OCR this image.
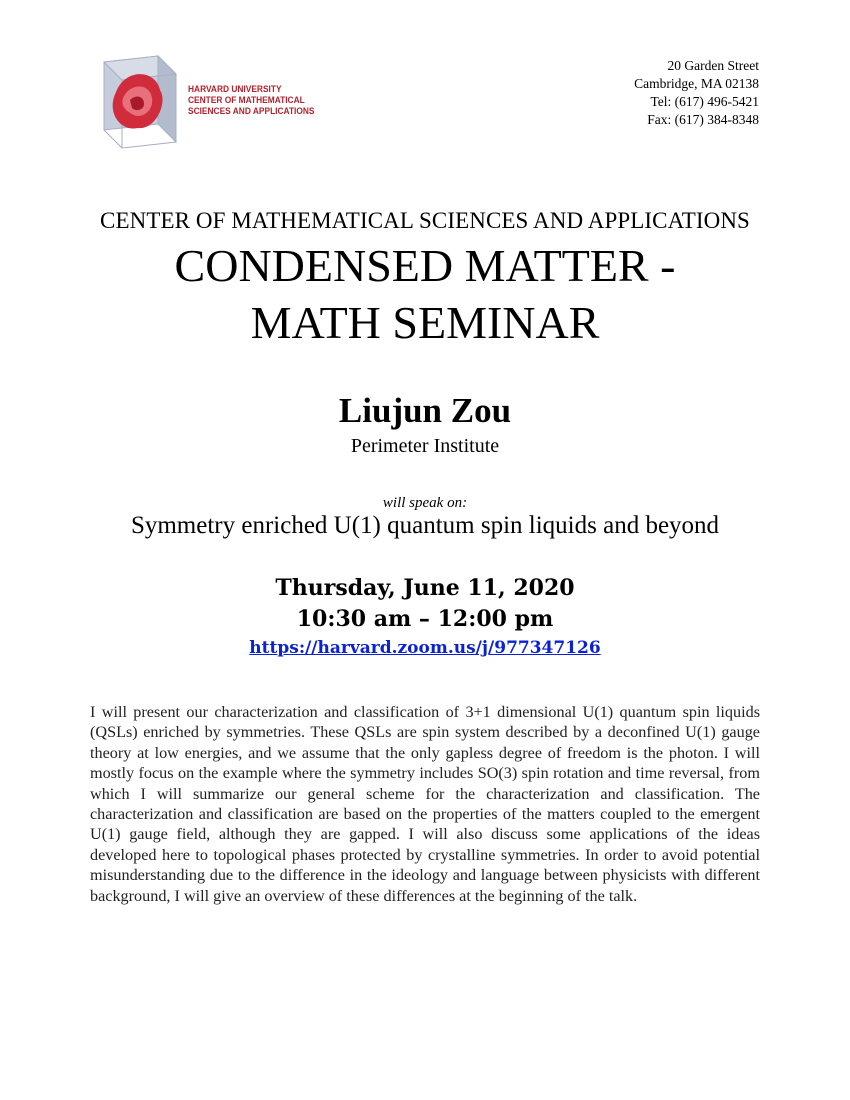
HARVARD UNIVERSITY
CENTER OF MATHEMATICAL
SCIENCES AND APPLICATIONS
20 Garden Street
Cambridge, MA 02138
Tel: (617) 496-5421
Fax: (617) 384-8348
CENTER OF MATHEMATICAL SCIENCES AND APPLICATIONS
CONDENSED MATTER -
MATH SEMINAR
Liujun Zou
Perimeter Institute
will speak on:
Symmetry enriched U(1) quantum spin liquids and beyond
Thursday, June 11, 2020
10:30 am – 12:00 pm
https://harvard.zoom.us/j/977347126
I will present our characterization and classification of 3+1 dimensional U(1) quantum spin liquids (QSLs) enriched by symmetries. These QSLs are spin system described by a deconfined U(1) gauge theory at low energies, and we assume that the only gapless degree of freedom is the photon. I will mostly focus on the example where the symmetry includes SO(3) spin rotation and time reversal, from which I will summarize our general scheme for the characterization and classification. The characterization and classification are based on the properties of the matters coupled to the emergent U(1) gauge field, although they are gapped. I will also discuss some applications of the ideas developed here to topological phases protected by crystalline symmetries. In order to avoid potential misunderstanding due to the difference in the ideology and language between physicists with different background, I will give an overview of these differences at the beginning of the talk.
